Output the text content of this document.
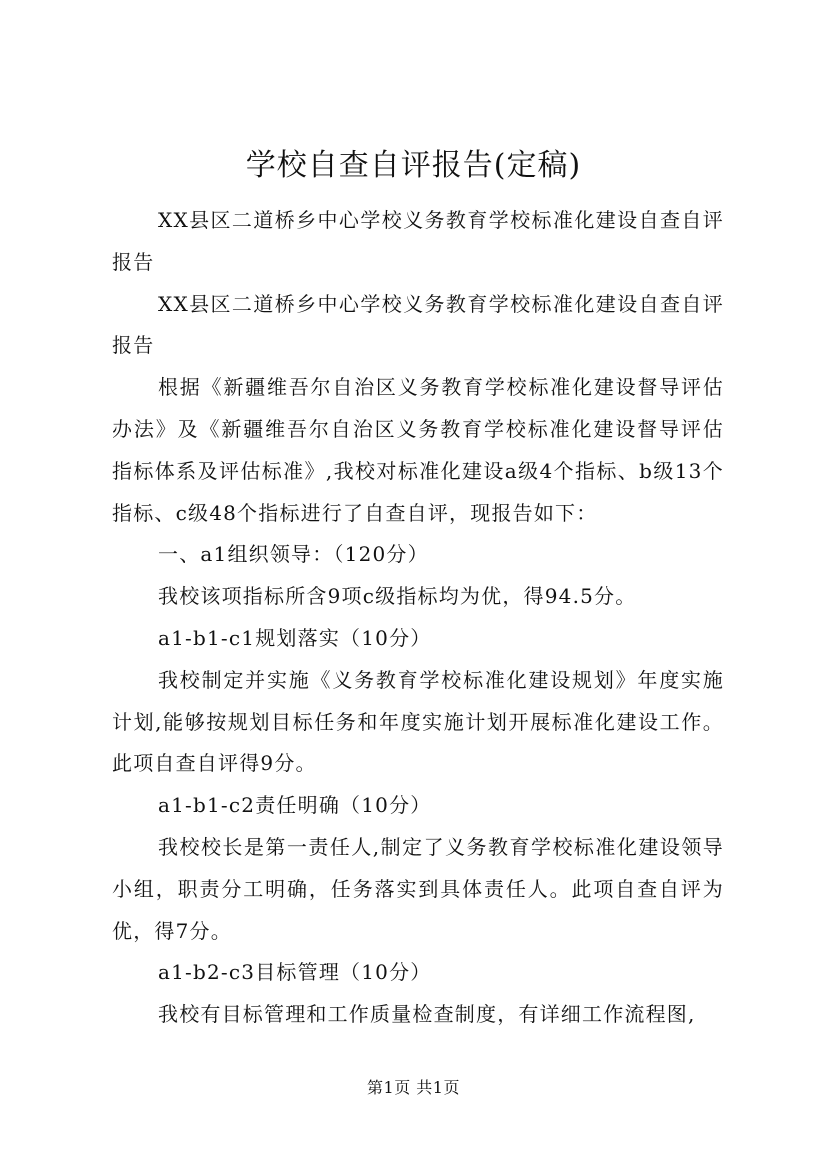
学校自查自评报告(定稿)

XX县区二道桥乡中心学校义务教育学校标准化建设自查自评报告

XX县区二道桥乡中心学校义务教育学校标准化建设自查自评报告

根据《新疆维吾尔自治区义务教育学校标准化建设督导评估办法》及《新疆维吾尔自治区义务教育学校标准化建设督导评估指标体系及评估标准》,我校对标准化建设a级4个指标、b级13个指标、c级48个指标进行了自查自评，现报告如下：

一、a1组织领导：（120分）

我校该项指标所含9项c级指标均为优，得94.5分。

a1-b1-c1规划落实（10分）

我校制定并实施《义务教育学校标准化建设规划》年度实施计划,能够按规划目标任务和年度实施计划开展标准化建设工作。此项自查自评得9分。

a1-b1-c2责任明确（10分）

我校校长是第一责任人,制定了义务教育学校标准化建设领导小组，职责分工明确，任务落实到具体责任人。此项自查自评为优，得7分。

a1-b2-c3目标管理（10分）

我校有目标管理和工作质量检查制度，有详细工作流程图,

第1页 共1页
